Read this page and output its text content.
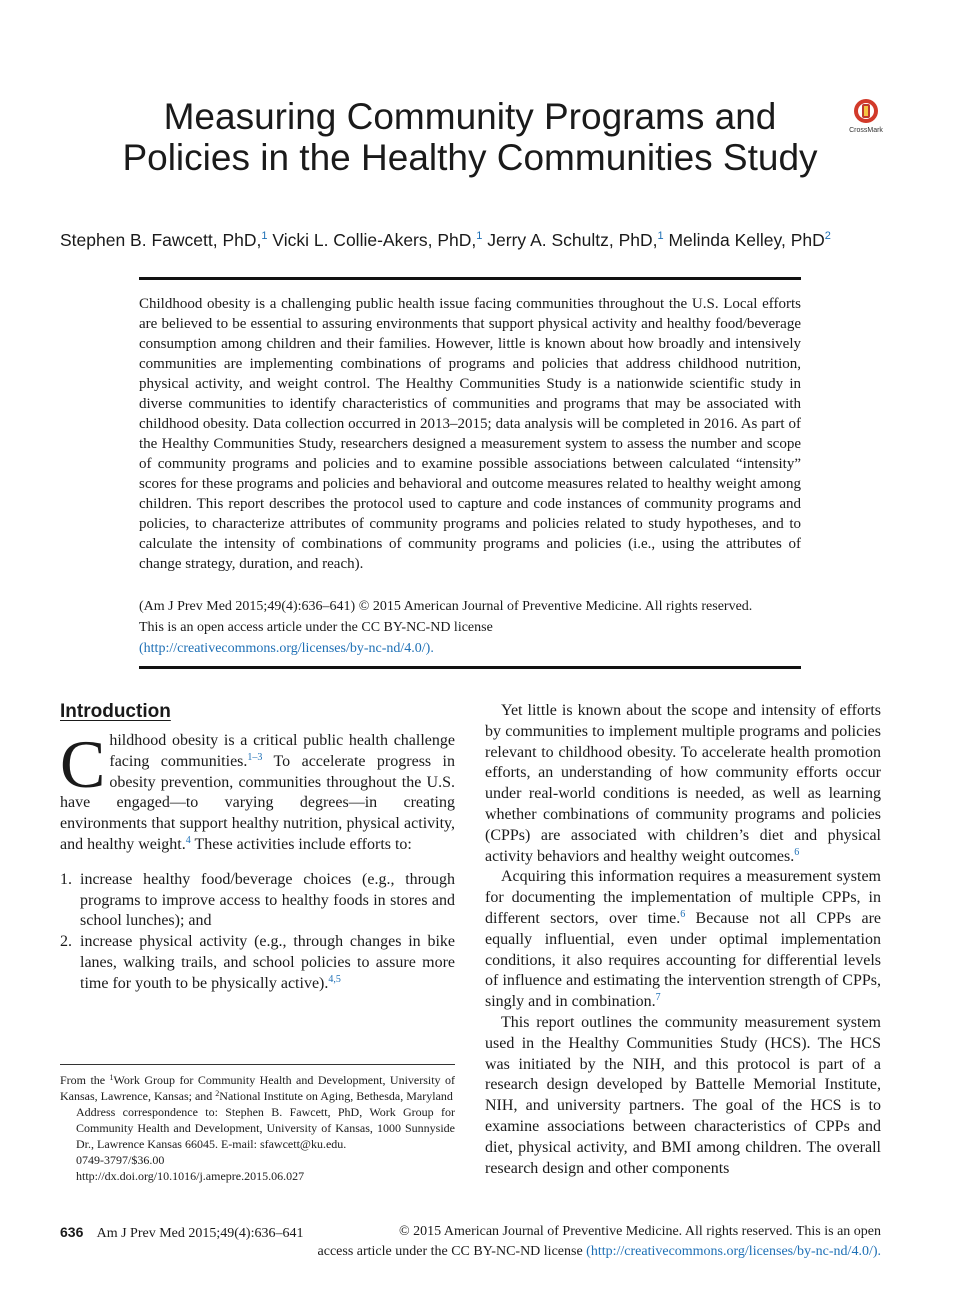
Measuring Community Programs and Policies in the Healthy Communities Study
CrossMark
Stephen B. Fawcett, PhD,$^1$ Vicki L. Collie-Akers, PhD,$^1$ Jerry A. Schultz, PhD,$^1$ Melinda Kelley, PhD$^2$

Childhood obesity is a challenging public health issue facing communities throughout the U.S. Local efforts are believed to be essential to assuring environments that support physical activity and healthy food/beverage consumption among children and their families. However, little is known about how broadly and intensively communities are implementing combinations of programs and policies that address childhood nutrition, physical activity, and weight control. The Healthy Communities Study is a nationwide scientific study in diverse communities to identify characteristics of communities and programs that may be associated with childhood obesity. Data collection occurred in 2013–2015; data analysis will be completed in 2016. As part of the Healthy Communities Study, researchers designed a measurement system to assess the number and scope of community programs and policies and to examine possible associations between calculated “intensity” scores for these programs and policies and behavioral and outcome measures related to healthy weight among children. This report describes the protocol used to capture and code instances of community programs and policies, to characterize attributes of community programs and policies related to study hypotheses, and to calculate the intensity of combinations of community programs and policies (i.e., using the attributes of change strategy, duration, and reach).

(Am J Prev Med 2015;49(4):636–641) © 2015 American Journal of Preventive Medicine. All rights reserved.
This is an open access article under the CC BY-NC-ND license
(http://creativecommons.org/licenses/by-nc-nd/4.0/).
Introduction

Childhood obesity is a critical public health challenge facing communities.$^{1-3}$ To accelerate progress in obesity prevention, communities throughout the U.S. have engaged—to varying degrees—in creating environments that support healthy nutrition, physical activity, and healthy weight.$^4$ These activities include efforts to:

1. increase healthy food/beverage choices (e.g., through programs to improve access to healthy foods in stores and school lunches); and
2. increase physical activity (e.g., through changes in bike lanes, walking trails, and school policies to assure more time for youth to be physically active).$^{4,5}$

From the $^1$Work Group for Community Health and Development, University of Kansas, Lawrence, Kansas; and $^2$National Institute on Aging, Bethesda, Maryland

Address correspondence to: Stephen B. Fawcett, PhD, Work Group for Community Health and Development, University of Kansas, 1000 Sunnyside Dr., Lawrence Kansas 66045. E-mail: sfawcett@ku.edu.

0749-3797/$36.00

http://dx.doi.org/10.1016/j.amepre.2015.06.027

Yet little is known about the scope and intensity of efforts by communities to implement multiple programs and policies relevant to childhood obesity. To accelerate health promotion efforts, an understanding of how community efforts occur under real-world conditions is needed, as well as learning whether combinations of community programs and policies (CPPs) are associated with children’s diet and physical activity behaviors and healthy weight outcomes.$^6$

Acquiring this information requires a measurement system for documenting the implementation of multiple CPPs, in different sectors, over time.$^6$ Because not all CPPs are equally influential, even under optimal implementation conditions, it also requires accounting for differential levels of influence and estimating the intervention strength of CPPs, singly and in combination.$^7$

This report outlines the community measurement system used in the Healthy Communities Study (HCS). The HCS was initiated by the NIH, and this protocol is part of a research design developed by Battelle Memorial Institute, NIH, and university partners. The goal of the HCS is to examine associations between characteristics of CPPs and diet, physical activity, and BMI among children. The overall research design and other components

636 Am J Prev Med 2015;49(4):636–641	© 2015 American Journal of Preventive Medicine. All rights reserved. This is an open
access article under the CC BY-NC-ND license (http://creativecommons.org/licenses/by-nc-nd/4.0/).
